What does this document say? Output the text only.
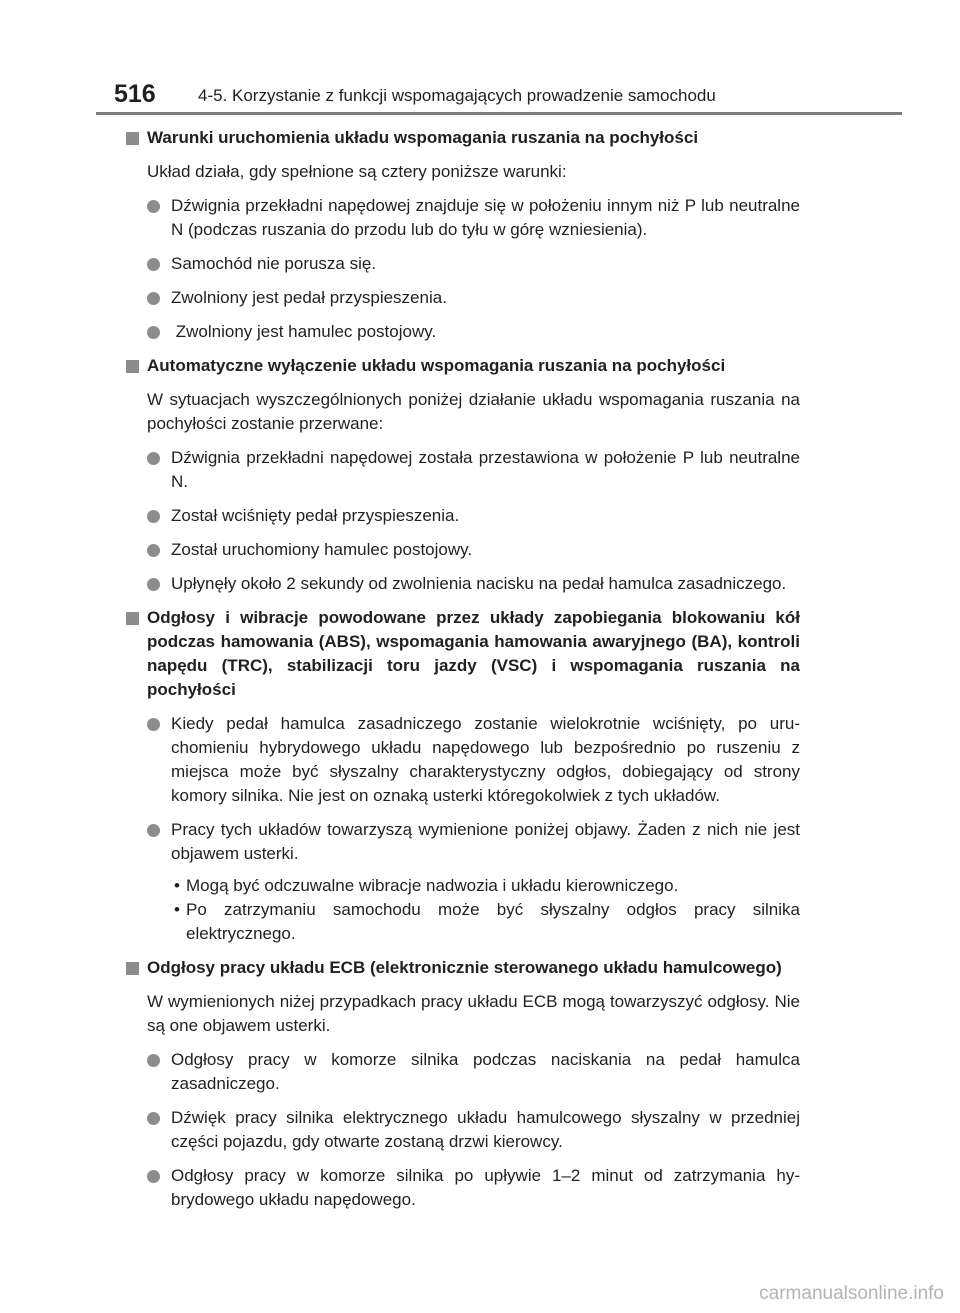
516 4-5. Korzystanie z funkcji wspomagających prowadzenie samochodu
Warunki uruchomienia układu wspomagania ruszania na pochyłości
Układ działa, gdy spełnione są cztery poniższe warunki:
Dźwignia przekładni napędowej znajduje się w położeniu innym niż P lub neutralne N (podczas ruszania do przodu lub do tyłu w górę wzniesienia).
Samochód nie porusza się.
Zwolniony jest pedał przyspieszenia.
Zwolniony jest hamulec postojowy.
Automatyczne wyłączenie układu wspomagania ruszania na pochyłości
W sytuacjach wyszczególnionych poniżej działanie układu wspomagania ruszania na pochyłości zostanie przerwane:
Dźwignia przekładni napędowej została przestawiona w położenie P lub neutralne N.
Został wciśnięty pedał przyspieszenia.
Został uruchomiony hamulec postojowy.
Upłynęły około 2 sekundy od zwolnienia nacisku na pedał hamulca zasadniczego.
Odgłosy i wibracje powodowane przez układy zapobiegania blokowaniu kół podczas hamowania (ABS), wspomagania hamowania awaryjnego (BA), kontroli napędu (TRC), stabilizacji toru jazdy (VSC) i wspomagania ruszania na pochyłości
Kiedy pedał hamulca zasadniczego zostanie wielokrotnie wciśnięty, po uruchomieniu hybrydowego układu napędowego lub bezpośrednio po ruszeniu z miejsca może być słyszalny charakterystyczny odgłos, dobiegający od strony komory silnika. Nie jest on oznaką usterki któregokolwiek z tych układów.
Pracy tych układów towarzyszą wymienione poniżej objawy. Żaden z nich nie jest objawem usterki.
• Mogą być odczuwalne wibracje nadwozia i układu kierowniczego.
• Po zatrzymaniu samochodu może być słyszalny odgłos pracy silnika elektrycznego.
Odgłosy pracy układu ECB (elektronicznie sterowanego układu hamulcowego)
W wymienionych niżej przypadkach pracy układu ECB mogą towarzyszyć odgłosy. Nie są one objawem usterki.
Odgłosy pracy w komorze silnika podczas naciskania na pedał hamulca zasadniczego.
Dźwięk pracy silnika elektrycznego układu hamulcowego słyszalny w przedniej części pojazdu, gdy otwarte zostaną drzwi kierowcy.
Odgłosy pracy w komorze silnika po upływie 1–2 minut od zatrzymania hybrydowego układu napędowego.
carmanualsonline.info
